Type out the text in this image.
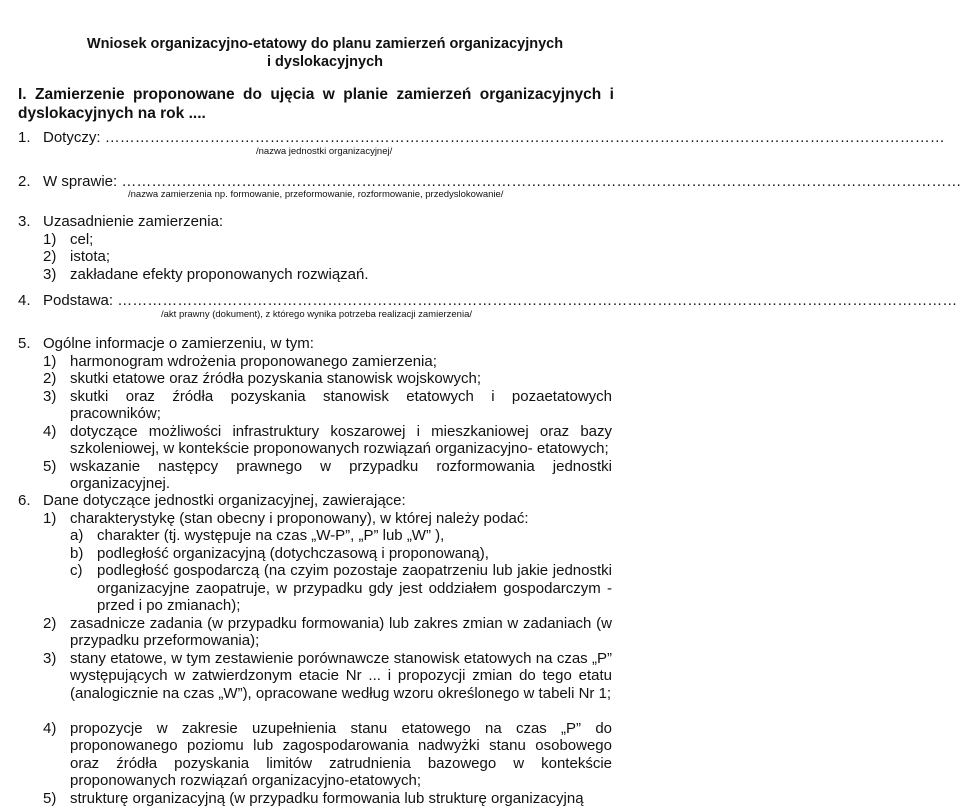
Wniosek organizacyjno-etatowy do planu zamierzeń organizacyjnych
i dyslokacyjnych
I. Zamierzenie proponowane do ujęcia w planie zamierzeń organizacyjnych i dyslokacyjnych na rok ....
1. Dotyczy:
……………………………………………………………………………………………………………………………………………………
/nazwa jednostki organizacyjnej/
2. W sprawie:
……………………………………………………………………………………………………………………………………………………
/nazwa zamierzenia np. formowanie, przeformowanie, rozformowanie, przedyslokowanie/
3. Uzasadnienie zamierzenia:
1) cel;
2) istota;
3) zakładane efekty proponowanych rozwiązań.
4. Podstawa:
……………………………………………………………………………………………………………………………………………………
/akt prawny (dokument), z którego wynika potrzeba realizacji zamierzenia/
5. Ogólne informacje o zamierzeniu, w tym:
1) harmonogram wdrożenia proponowanego zamierzenia;
2) skutki etatowe oraz źródła pozyskania stanowisk wojskowych;
3) skutki oraz źródła pozyskania stanowisk etatowych i pozaetatowych pracowników;
4) dotyczące możliwości infrastruktury koszarowej i mieszkaniowej oraz bazy szkoleniowej, w kontekście proponowanych rozwiązań organizacyjno- etatowych;
5) wskazanie następcy prawnego w przypadku rozformowania jednostki organizacyjnej.
6. Dane dotyczące jednostki organizacyjnej, zawierające:
1) charakterystykę (stan obecny i proponowany), w której należy podać:
a) charakter (tj. występuje na czas „W-P”, „P” lub „W” ),
b) podległość organizacyjną (dotychczasową i proponowaną),
c) podległość gospodarczą (na czyim pozostaje zaopatrzeniu lub jakie jednostki organizacyjne zaopatruje, w przypadku gdy jest oddziałem gospodarczym - przed i po zmianach);
2) zasadnicze zadania (w przypadku formowania) lub zakres zmian w zadaniach (w przypadku przeformowania);
3) stany etatowe, w tym zestawienie porównawcze stanowisk etatowych na czas „P” występujących w zatwierdzonym etacie Nr ... i propozycji zmian do tego etatu (analogicznie na czas „W”), opracowane według wzoru określonego w tabeli Nr 1;
4) propozycje w zakresie uzupełnienia stanu etatowego na czas „P” do proponowanego poziomu lub zagospodarowania nadwyżki stanu osobowego oraz źródła pozyskania limitów zatrudnienia bazowego w kontekście proponowanych rozwiązań organizacyjno-etatowych;
5) strukturę organizacyjną (w przypadku formowania lub strukturę organizacyjną
